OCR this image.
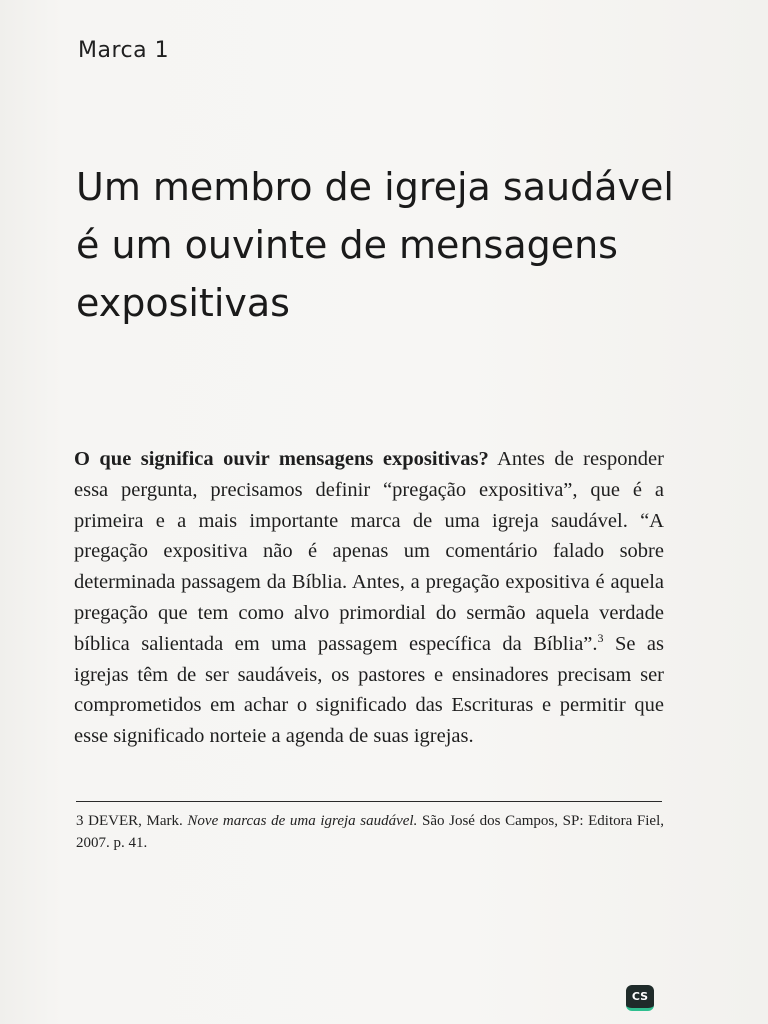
Marca 1
Um membro de igreja saudável é um ouvinte de mensagens expositivas

O que significa ouvir mensagens expositivas? Antes de responder essa pergunta, precisamos definir “pregação expositiva”, que é a primeira e a mais importante marca de uma igreja saudável. “A pregação expositiva não é apenas um comentário falado sobre determinada passagem da Bíblia. Antes, a pregação expositiva é aquela pregação que tem como alvo primordial do sermão aquela verdade bíblica salientada em uma passagem específica da Bíblia”.$^3$ Se as igrejas têm de ser saudáveis, os pastores e ensinadores precisam ser comprometidos em achar o significado das Escrituras e permitir que esse significado norteie a agenda de suas igrejas.

3 DEVER, Mark. Nove marcas de uma igreja saudável. São José dos Campos, SP: Editora Fiel, 2007. p. 41.

CS
